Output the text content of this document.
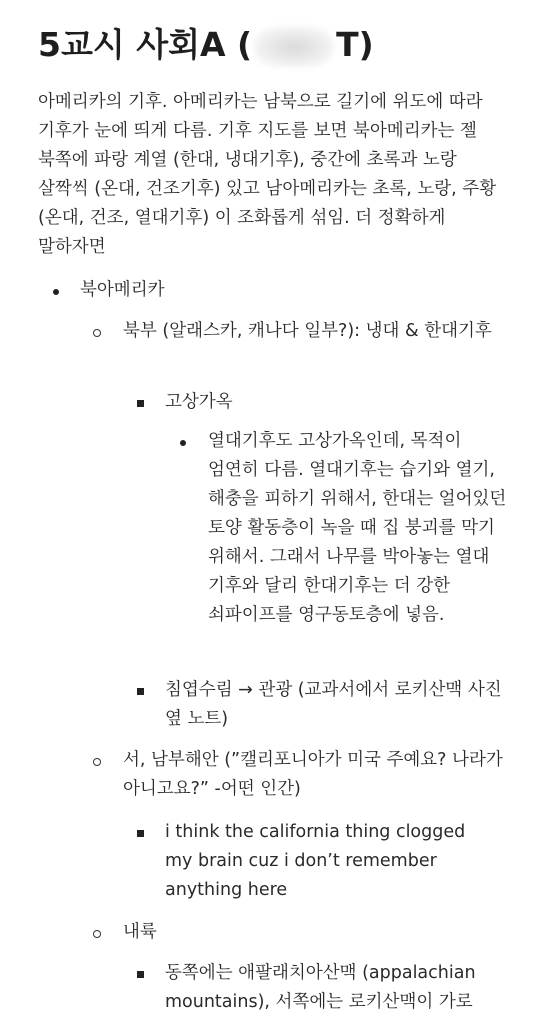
5교시 사회A (	T)

아메리카의 기후. 아메리카는 남북으로 길기에 위도에 따라 기후가 눈에 띄게 다름. 기후 지도를 보면 북아메리카는 젤 북쪽에 파랑 계열 (한대, 냉대기후), 중간에 초록과 노랑 살짝씩 (온대, 건조기후) 있고 남아메리카는 초록, 노랑, 주황 (온대, 건조, 열대기후) 이 조화롭게 섞임. 더 정확하게 말하자면

북아메리카
북부 (알래스카, 캐나다 일부?): 냉대 & 한대기후
고상가옥
열대기후도 고상가옥인데, 목적이 엄연히 다름. 열대기후는 습기와 열기, 해충을 피하기 위해서, 한대는 얼어있던 토양 활동층이 녹을 때 집 붕괴를 막기 위해서. 그래서 나무를 박아놓는 열대 기후와 달리 한대기후는 더 강한 쇠파이프를 영구동토층에 넣음.
침엽수림 → 관광 (교과서에서 로키산맥 사진 옆 노트)
서, 남부해안 (”캘리포니아가 미국 주예요? 나라가 아니고요?” -어떤 인간)
i think the california thing clogged my brain cuz i don’t remember anything here
내륙
동쪽에는 애팔래치아산맥 (appalachian mountains), 서쪽에는 로키산맥이 가로
